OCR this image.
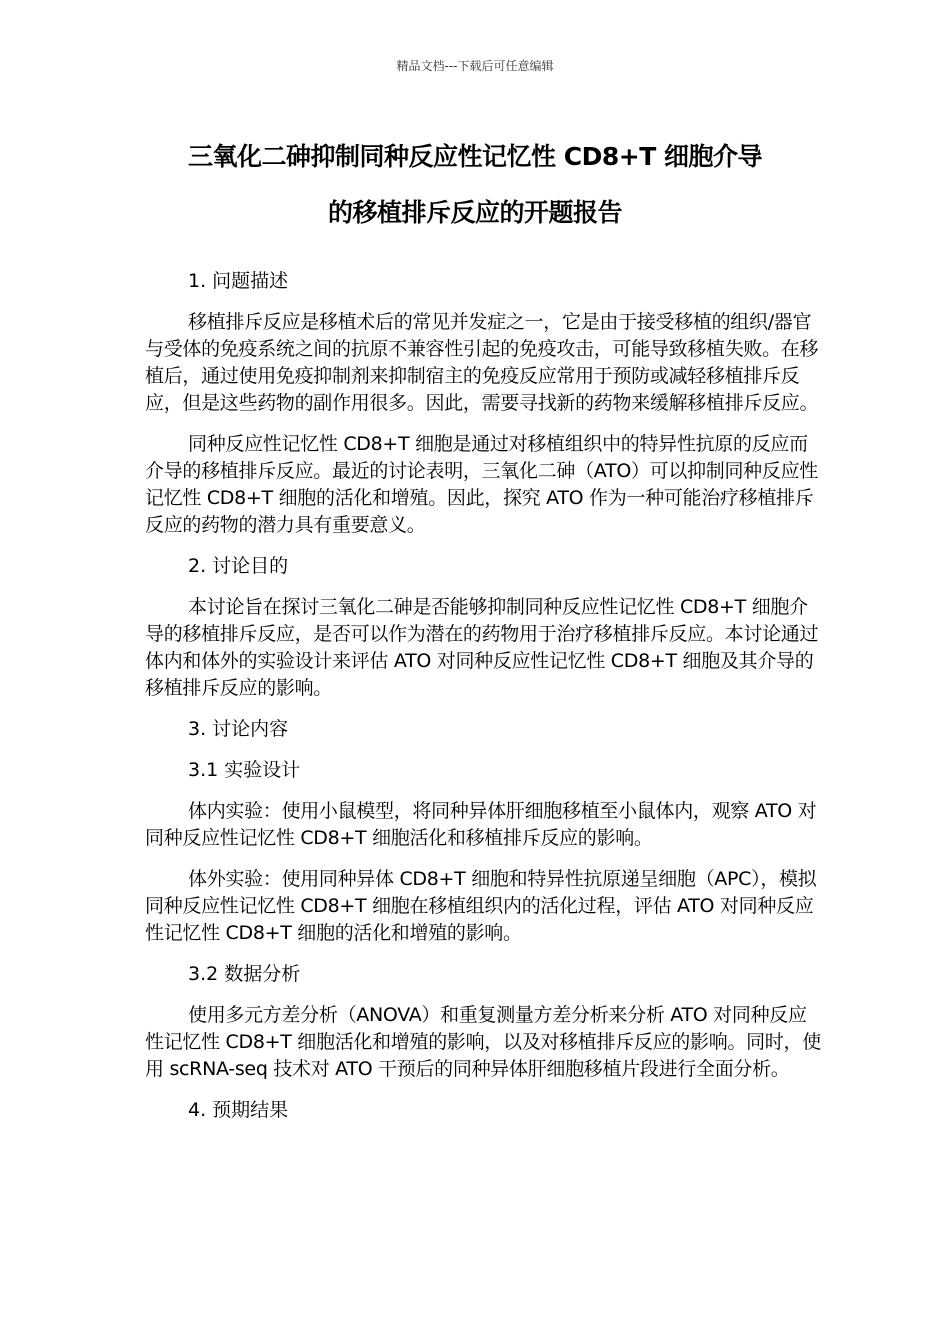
精品文档---下载后可任意编辑
三氧化二砷抑制同种反应性记忆性 CD8+T 细胞介导
的移植排斥反应的开题报告
1. 问题描述
移植排斥反应是移植术后的常见并发症之一，它是由于接受移植的组织/器官与受体的免疫系统之间的抗原不兼容性引起的免疫攻击，可能导致移植失败。在移植后，通过使用免疫抑制剂来抑制宿主的免疫反应常用于预防或减轻移植排斥反应，但是这些药物的副作用很多。因此，需要寻找新的药物来缓解移植排斥反应。
同种反应性记忆性 CD8+T 细胞是通过对移植组织中的特异性抗原的反应而介导的移植排斥反应。最近的讨论表明，三氧化二砷（ATO）可以抑制同种反应性记忆性 CD8+T 细胞的活化和增殖。因此，探究 ATO 作为一种可能治疗移植排斥反应的药物的潜力具有重要意义。
2. 讨论目的
本讨论旨在探讨三氧化二砷是否能够抑制同种反应性记忆性 CD8+T 细胞介导的移植排斥反应，是否可以作为潜在的药物用于治疗移植排斥反应。本讨论通过体内和体外的实验设计来评估 ATO 对同种反应性记忆性 CD8+T 细胞及其介导的移植排斥反应的影响。
3. 讨论内容
3.1 实验设计
体内实验：使用小鼠模型，将同种异体肝细胞移植至小鼠体内，观察 ATO 对同种反应性记忆性 CD8+T 细胞活化和移植排斥反应的影响。
体外实验：使用同种异体 CD8+T 细胞和特异性抗原递呈细胞（APC），模拟同种反应性记忆性 CD8+T 细胞在移植组织内的活化过程，评估 ATO 对同种反应性记忆性 CD8+T 细胞的活化和增殖的影响。
3.2 数据分析
使用多元方差分析（ANOVA）和重复测量方差分析来分析 ATO 对同种反应性记忆性 CD8+T 细胞活化和增殖的影响，以及对移植排斥反应的影响。同时，使用 scRNA-seq 技术对 ATO 干预后的同种异体肝细胞移植片段进行全面分析。
4. 预期结果
